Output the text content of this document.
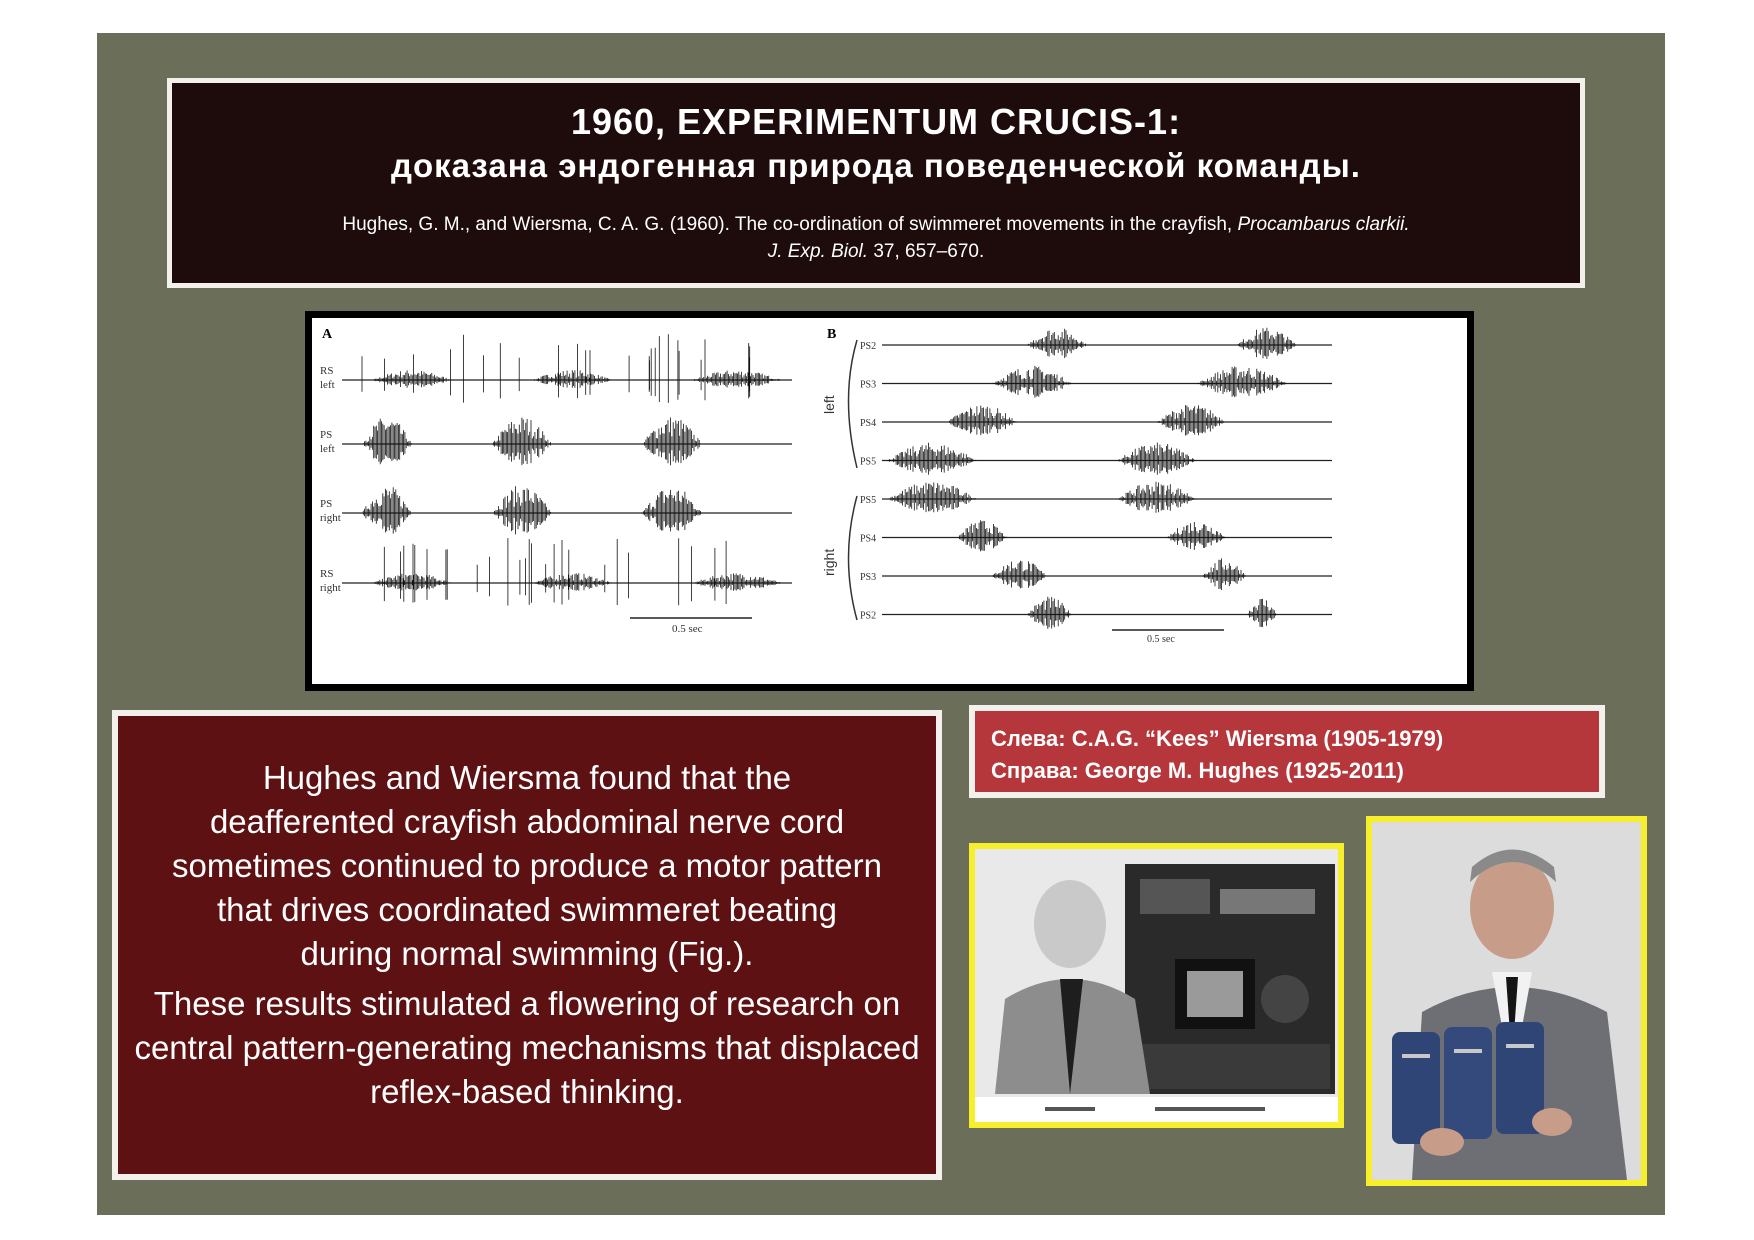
1960, EXPERIMENTUM CRUCIS-1:
доказана эндогенная природа поведенческой команды.
Hughes, G. M., and Wiersma, C. A. G. (1960). The co-ordination of swimmeret movements in the crayfish, Procambarus clarkii.
J. Exp. Biol. 37, 657–670.
A
RS
left
PS
left
PS
right
RS
right
0.5 sec
B
PS2
PS3
PS4
PS5
PS5
PS4
PS3
PS2
left
right
0.5 sec

Hughes and Wiersma found that the deafferented crayfish abdominal nerve cord sometimes continued to produce a motor pattern that drives coordinated swimmeret beating during normal swimming (Fig.).

These results stimulated a flowering of research on central pattern-generating mechanisms that displaced reflex-based thinking.

Слева: C.A.G. “Kees” Wiersma (1905-1979)
Справа: George M. Hughes (1925-2011)
